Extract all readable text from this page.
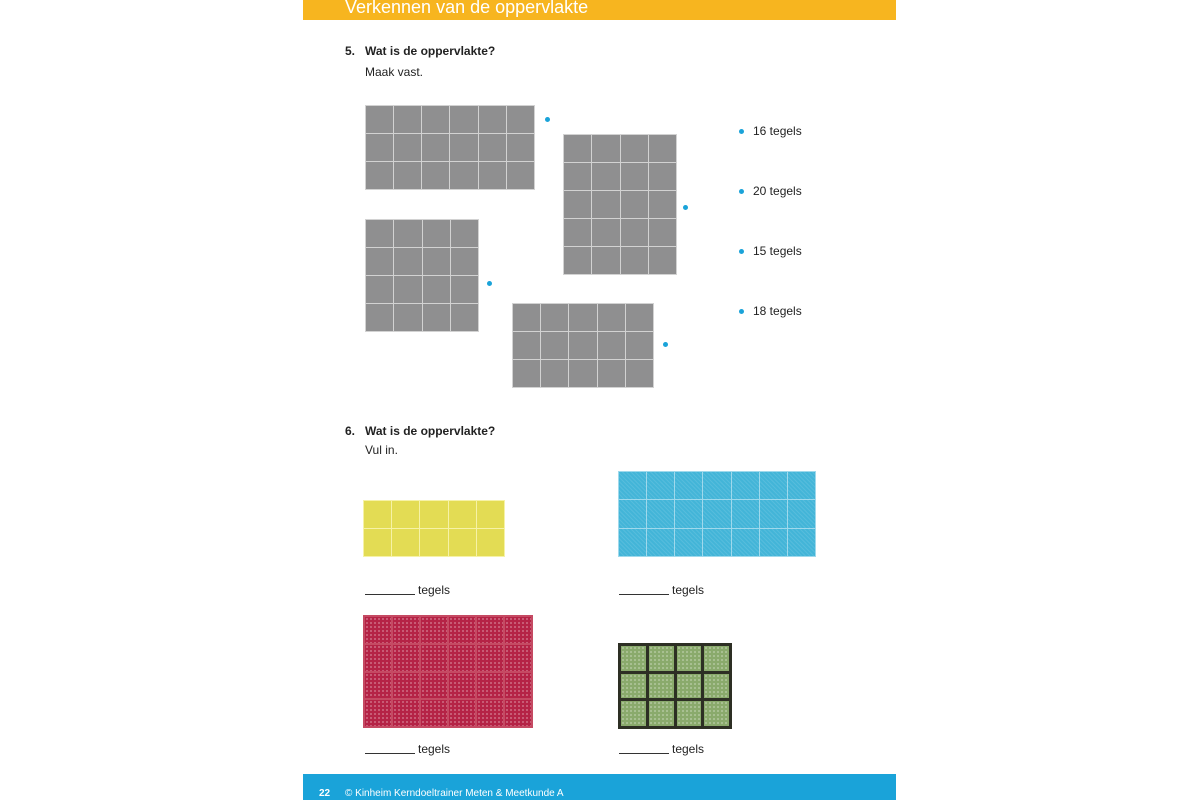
Verkennen van de oppervlakte
5. Wat is de oppervlakte?
Maak vast.
16 tegels
20 tegels
15 tegels
18 tegels
6. Wat is de oppervlakte?
Vul in.
tegels	tegels
tegels	tegels
22 © Kinheim Kerndoeltrainer Meten & Meetkunde A
